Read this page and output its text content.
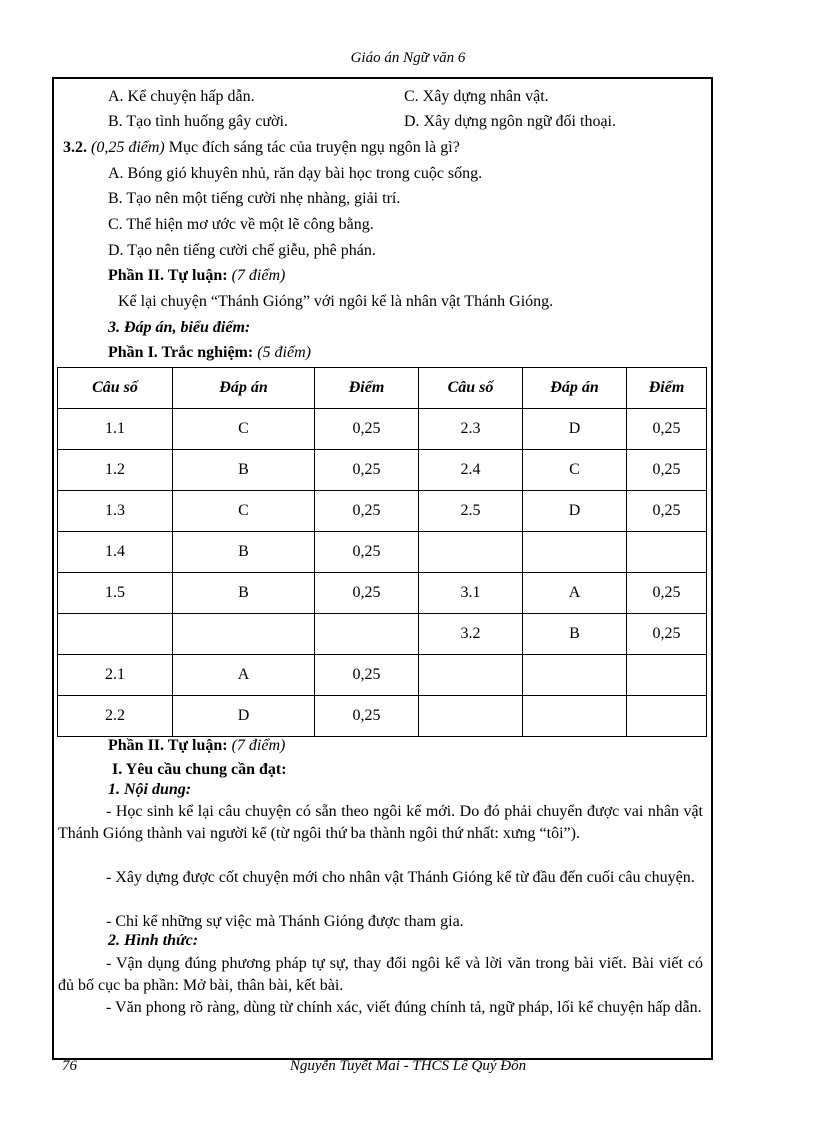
Giáo án Ngữ văn 6
A. Kể chuyện hấp dẫn.	C. Xây dựng nhân vật.
B. Tạo tình huống gây cười.	D. Xây dựng ngôn ngữ đối thoại.
3.2. (0,25 điểm) Mục đích sáng tác của truyện ngụ ngôn là gì?
A. Bóng gió khuyên nhủ, răn dạy bài học trong cuộc sống.
B. Tạo nên một tiếng cười nhẹ nhàng, giải trí.
C. Thể hiện mơ ước về một lẽ công bằng.
D. Tạo nên tiếng cười chế giễu, phê phán.
Phần II. Tự luận: (7 điểm)
Kể lại chuyện “Thánh Gióng” với ngôi kể là nhân vật Thánh Gióng.
3. Đáp án, biểu điểm:
Phần I. Trắc nghiệm: (5 điểm)
Câu số	Đáp án	Điểm	Câu số	Đáp án	Điểm
1.1	C	0,25	2.3	D	0,25
1.2	B	0,25	2.4	C	0,25
1.3	C	0,25	2.5	D	0,25
1.4	B	0,25			
1.5	B	0,25	3.1	A	0,25
			3.2	B	0,25
2.1	A	0,25			
2.2	D	0,25			
Phần II. Tự luận: (7 điểm)
I. Yêu cầu chung cần đạt:
1. Nội dung:
- Học sinh kể lại câu chuyện có sẵn theo ngôi kể mới. Do đó phải chuyển được vai nhân vật Thánh Gióng thành vai người kể (từ ngôi thứ ba thành ngôi thứ nhất: xưng “tôi”).
- Xây dựng được cốt chuyện mới cho nhân vật Thánh Gióng kể từ đầu đến cuối câu chuyện.
- Chỉ kể những sự việc mà Thánh Gióng được tham gia.
2. Hình thức:
- Vận dụng đúng phương pháp tự sự, thay đổi ngôi kể và lời văn trong bài viết. Bài viết có đủ bố cục ba phần: Mở bài, thân bài, kết bài.
- Văn phong rõ ràng, dùng từ chính xác, viết đúng chính tả, ngữ pháp, lối kể chuyện hấp dẫn.
76	Nguyễn Tuyết Mai - THCS Lê Quý Đôn
